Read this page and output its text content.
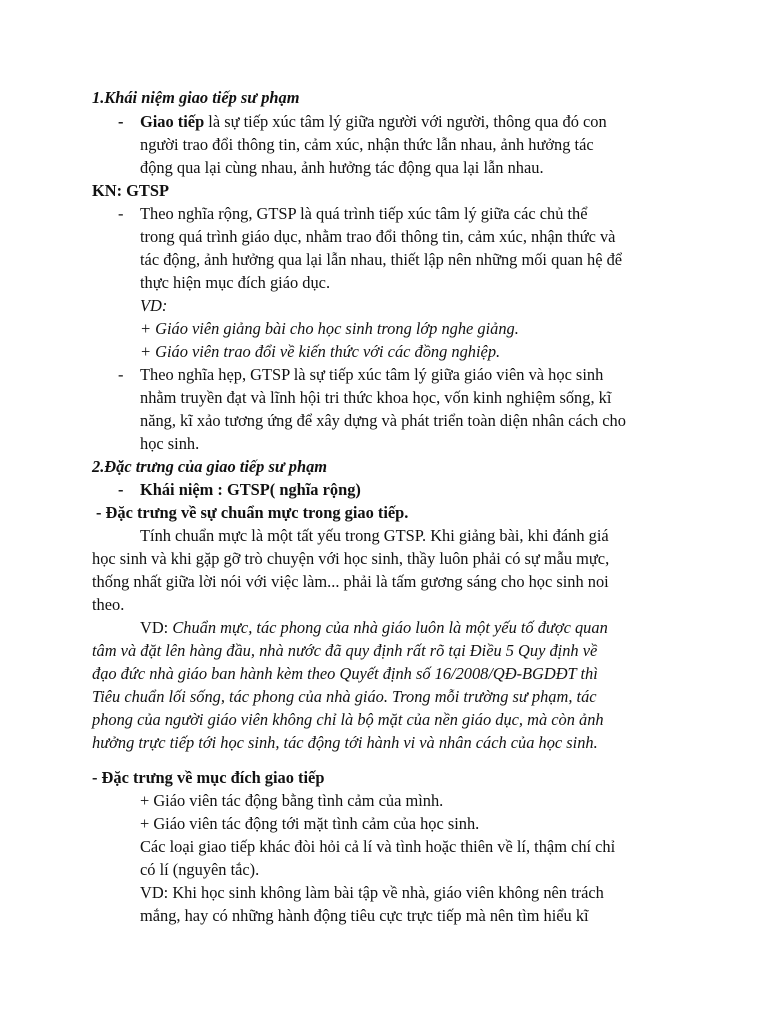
1.Khái niệm giao tiếp sư phạm
- Giao tiếp là sự tiếp xúc tâm lý giữa người với người, thông qua đó con
người trao đổi thông tin, cảm xúc, nhận thức lẫn nhau, ảnh hưởng tác
động qua lại cùng nhau, ảnh hưởng tác động qua lại lẫn nhau.
KN: GTSP
- Theo nghĩa rộng, GTSP là quá trình tiếp xúc tâm lý giữa các chủ thể
trong quá trình giáo dục, nhằm trao đổi thông tin, cảm xúc, nhận thức và
tác động, ảnh hưởng qua lại lẫn nhau, thiết lập nên những mối quan hệ để
thực hiện mục đích giáo dục.
VD:
+ Giáo viên giảng bài cho học sinh trong lớp nghe giảng.
+ Giáo viên trao đổi về kiến thức với các đồng nghiệp.
- Theo nghĩa hẹp, GTSP là sự tiếp xúc tâm lý giữa giáo viên và học sinh
nhằm truyền đạt và lĩnh hội tri thức khoa học, vốn kinh nghiệm sống, kĩ
năng, kĩ xảo tương ứng để xây dựng và phát triển toàn diện nhân cách cho
học sinh.
2.Đặc trưng của giao tiếp sư phạm
- Khái niệm : GTSP( nghĩa rộng)
- Đặc trưng về sự chuẩn mực trong giao tiếp.
Tính chuẩn mực là một tất yếu trong GTSP. Khi giảng bài, khi đánh giá
học sinh và khi gặp gỡ trò chuyện với học sinh, thầy luôn phải có sự mẫu mực,
thống nhất giữa lời nói với việc làm... phải là tấm gương sáng cho học sinh noi
theo.
VD: Chuẩn mực, tác phong của nhà giáo luôn là một yếu tố được quan
tâm và đặt lên hàng đầu, nhà nước đã quy định rất rõ tại Điều 5 Quy định về
đạo đức nhà giáo ban hành kèm theo Quyết định số 16/2008/QĐ-BGDĐT thì
Tiêu chuẩn lối sống, tác phong của nhà giáo. Trong mỗi trường sư phạm, tác
phong của người giáo viên không chỉ là bộ mặt của nền giáo dục, mà còn ảnh
hưởng trực tiếp tới học sinh, tác động tới hành vi và nhân cách của học sinh.
- Đặc trưng về mục đích giao tiếp
+ Giáo viên tác động bằng tình cảm của mình.
+ Giáo viên tác động tới mặt tình cảm của học sinh.
Các loại giao tiếp khác đòi hỏi cả lí và tình hoặc thiên về lí, thậm chí chỉ
có lí (nguyên tắc).
VD: Khi học sinh không làm bài tập về nhà, giáo viên không nên trách
mắng, hay có những hành động tiêu cực trực tiếp mà nên tìm hiểu kĩ
